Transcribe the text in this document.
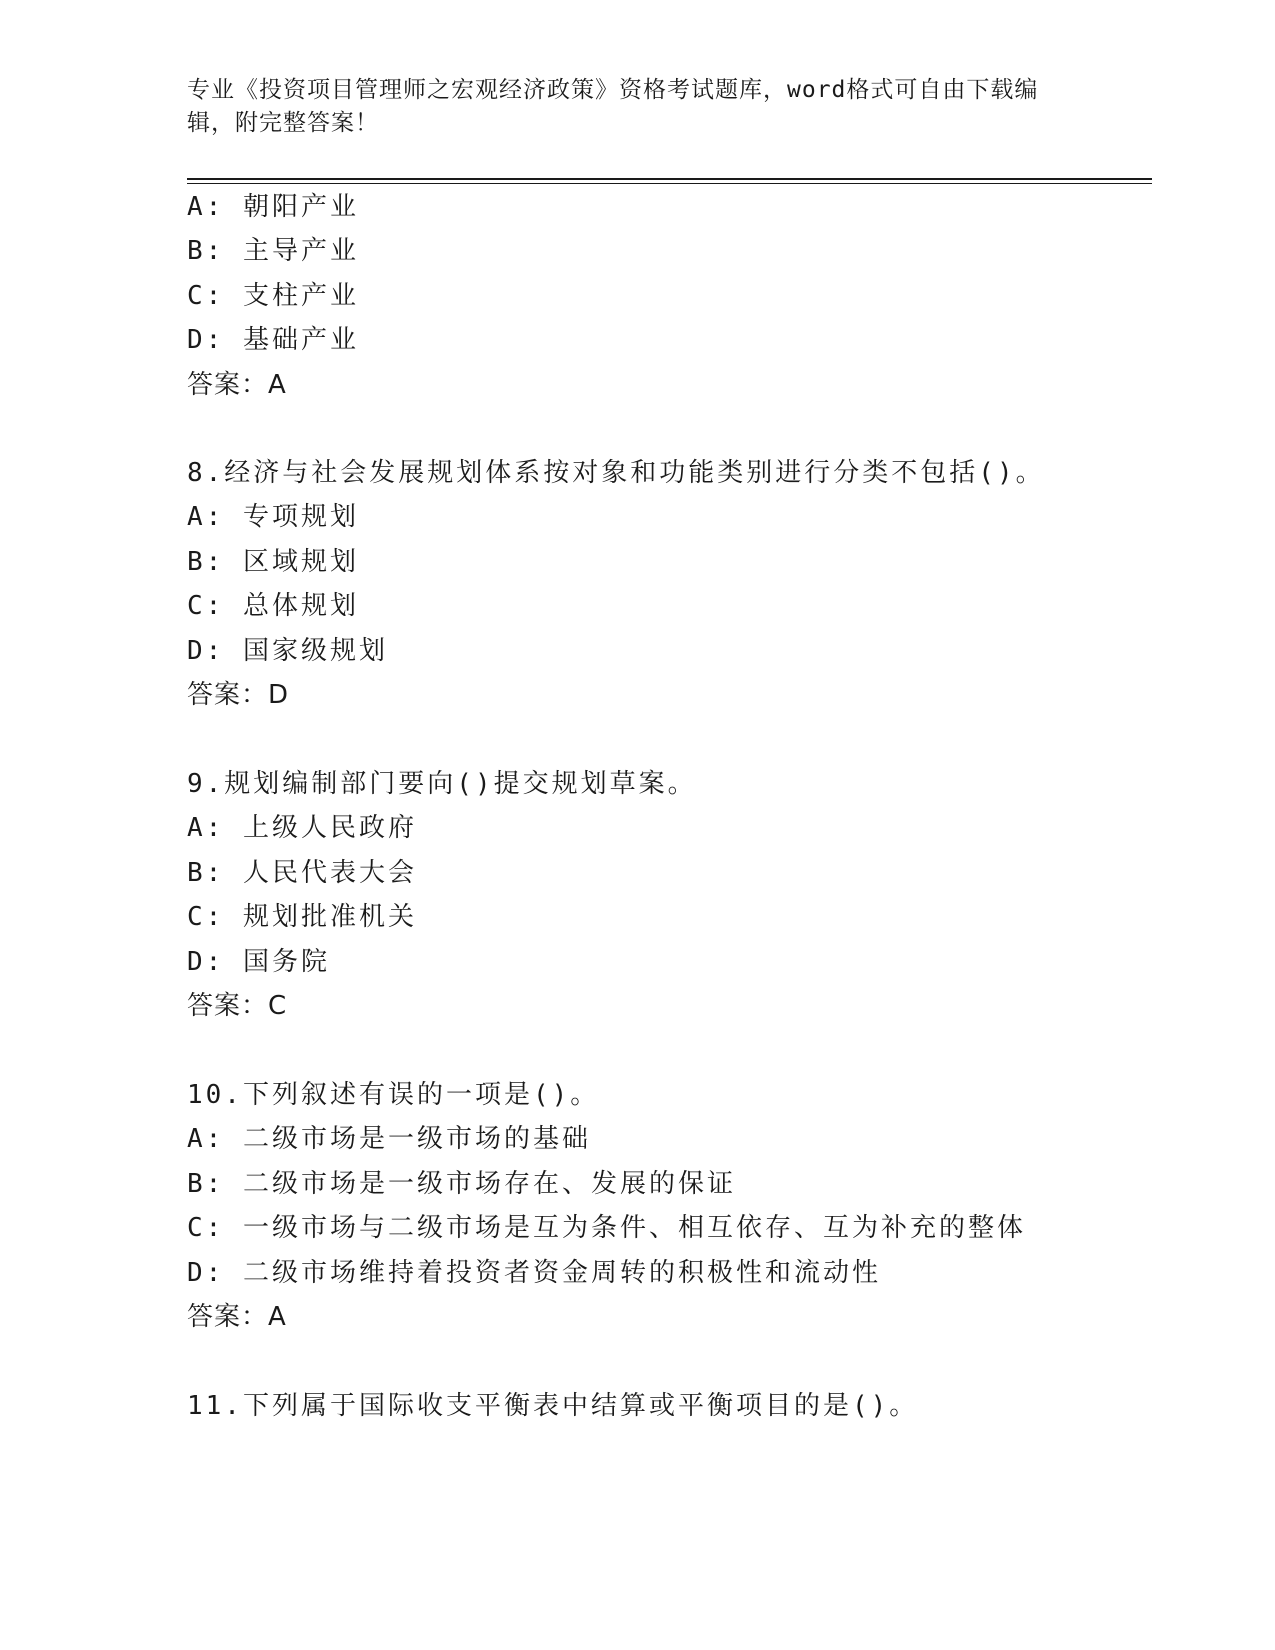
专业《投资项目管理师之宏观经济政策》资格考试题库，word格式可自由下载编
辑，附完整答案！
A: 朝阳产业
B: 主导产业
C: 支柱产业
D: 基础产业
答案：A
8.经济与社会发展规划体系按对象和功能类别进行分类不包括()。
A: 专项规划
B: 区域规划
C: 总体规划
D: 国家级规划
答案：D
9.规划编制部门要向()提交规划草案。
A: 上级人民政府
B: 人民代表大会
C: 规划批准机关
D: 国务院
答案：C
10.下列叙述有误的一项是()。
A: 二级市场是一级市场的基础
B: 二级市场是一级市场存在、发展的保证
C: 一级市场与二级市场是互为条件、相互依存、互为补充的整体
D: 二级市场维持着投资者资金周转的积极性和流动性
答案：A
11.下列属于国际收支平衡表中结算或平衡项目的是()。
